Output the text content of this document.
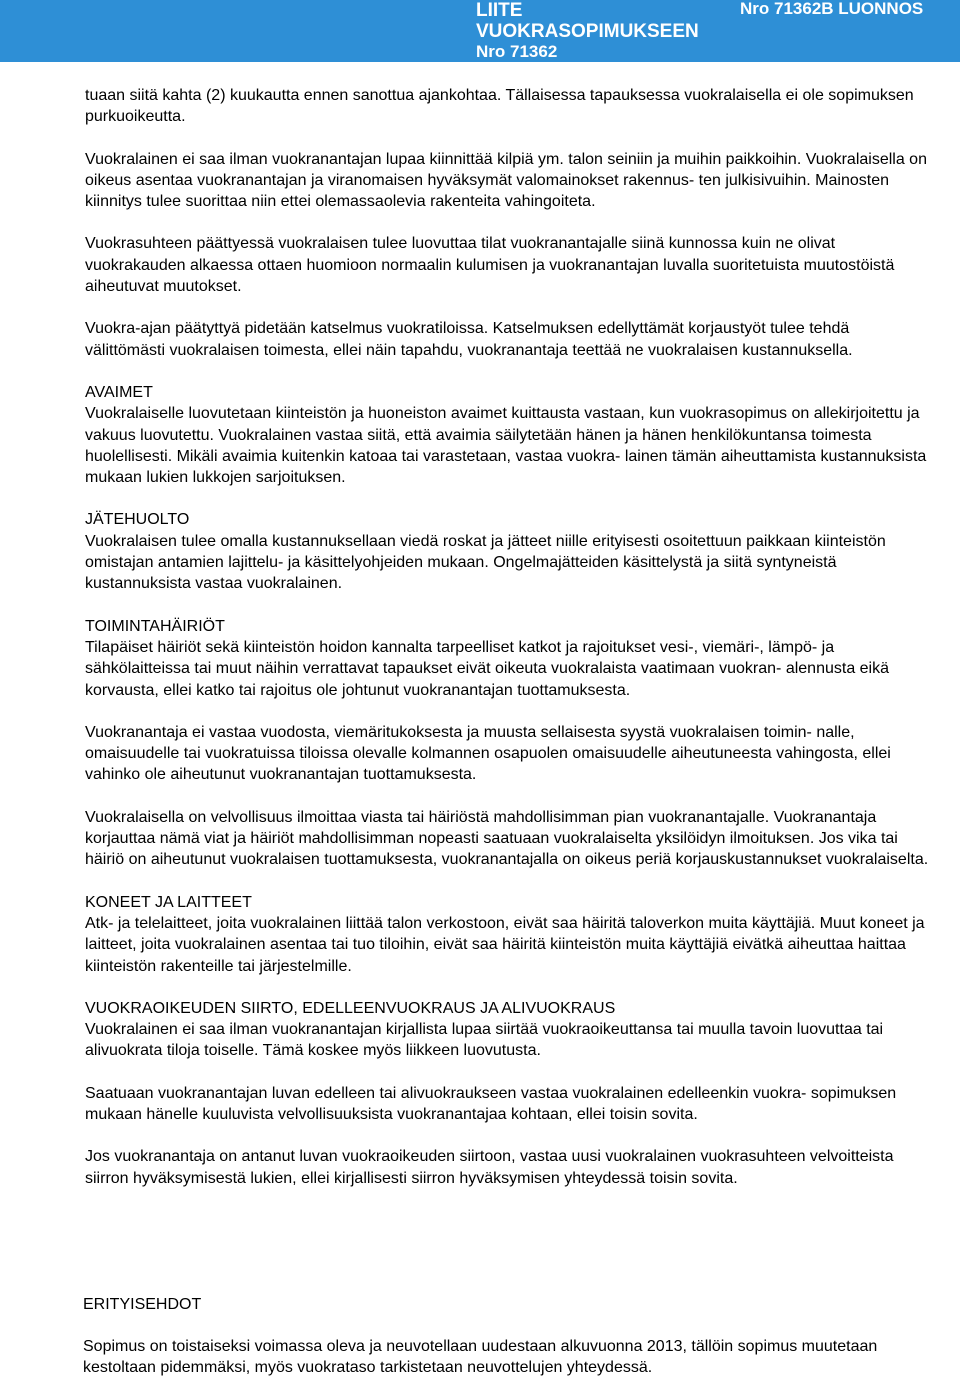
LIITE
VUOKRASOPIMUKSEEN
Nro 71362
Nro 71362B LUONNOS

tuaan siitä kahta (2) kuukautta ennen sanottua ajankohtaa. Tällaisessa tapauksessa vuokralaisella ei ole sopimuksen purkuoikeutta.

Vuokralainen ei saa ilman vuokranantajan lupaa kiinnittää kilpiä ym. talon seiniin ja muihin paikkoihin. Vuokralaisella on oikeus asentaa vuokranantajan ja viranomaisen hyväksymät valomainokset rakennus- ten julkisivuihin. Mainosten kiinnitys tulee suorittaa niin ettei olemassaolevia rakenteita vahingoiteta.

Vuokrasuhteen päättyessä vuokralaisen tulee luovuttaa tilat vuokranantajalle siinä kunnossa kuin ne olivat vuokrakauden alkaessa ottaen huomioon normaalin kulumisen ja vuokranantajan luvalla suoritetuista muutostöistä aiheutuvat muutokset.

Vuokra-ajan päätyttyä pidetään katselmus vuokratiloissa. Katselmuksen edellyttämät korjaustyöt tulee tehdä välittömästi vuokralaisen toimesta, ellei näin tapahdu, vuokranantaja teettää ne vuokralaisen kustannuksella.

AVAIMET

Vuokralaiselle luovutetaan kiinteistön ja huoneiston avaimet kuittausta vastaan, kun vuokrasopimus on allekirjoitettu ja vakuus luovutettu. Vuokralainen vastaa siitä, että avaimia säilytetään hänen ja hänen henkilökuntansa toimesta huolellisesti. Mikäli avaimia kuitenkin katoaa tai varastetaan, vastaa vuokra- lainen tämän aiheuttamista kustannuksista mukaan lukien lukkojen sarjoituksen.

JÄTEHUOLTO

Vuokralaisen tulee omalla kustannuksellaan viedä roskat ja jätteet niille erityisesti osoitettuun paikkaan kiinteistön omistajan antamien lajittelu- ja käsittelyohjeiden mukaan. Ongelmajätteiden käsittelystä ja siitä syntyneistä kustannuksista vastaa vuokralainen.

TOIMINTAHÄIRIÖT

Tilapäiset häiriöt sekä kiinteistön hoidon kannalta tarpeelliset katkot ja rajoitukset vesi-, viemäri-, lämpö- ja sähkölaitteissa tai muut näihin verrattavat tapaukset eivät oikeuta vuokralaista vaatimaan vuokran- alennusta eikä korvausta, ellei katko tai rajoitus ole johtunut vuokranantajan tuottamuksesta.

Vuokranantaja ei vastaa vuodosta, viemäritukoksesta ja muusta sellaisesta syystä vuokralaisen toimin- nalle, omaisuudelle tai vuokratuissa tiloissa olevalle kolmannen osapuolen omaisuudelle aiheutuneesta vahingosta, ellei vahinko ole aiheutunut vuokranantajan tuottamuksesta.

Vuokralaisella on velvollisuus ilmoittaa viasta tai häiriöstä mahdollisimman pian vuokranantajalle. Vuokranantaja korjauttaa nämä viat ja häiriöt mahdollisimman nopeasti saatuaan vuokralaiselta yksilöidyn ilmoituksen. Jos vika tai häiriö on aiheutunut vuokralaisen tuottamuksesta, vuokranantajalla on oikeus periä korjauskustannukset vuokralaiselta.

KONEET JA LAITTEET

Atk- ja telelaitteet, joita vuokralainen liittää talon verkostoon, eivät saa häiritä taloverkon muita käyttäjiä. Muut koneet ja laitteet, joita vuokralainen asentaa tai tuo tiloihin, eivät saa häiritä kiinteistön muita käyttäjiä eivätkä aiheuttaa haittaa kiinteistön rakenteille tai järjestelmille.

VUOKRAOIKEUDEN SIIRTO, EDELLEENVUOKRAUS JA ALIVUOKRAUS

Vuokralainen ei saa ilman vuokranantajan kirjallista lupaa siirtää vuokraoikeuttansa tai muulla tavoin luovuttaa tai alivuokrata tiloja toiselle. Tämä koskee myös liikkeen luovutusta.

Saatuaan vuokranantajan luvan edelleen tai alivuokraukseen vastaa vuokralainen edelleenkin vuokra- sopimuksen mukaan hänelle kuuluvista velvollisuuksista vuokranantajaa kohtaan, ellei toisin sovita.

Jos vuokranantaja on antanut luvan vuokraoikeuden siirtoon, vastaa uusi vuokralainen vuokrasuhteen velvoitteista siirron hyväksymisestä lukien, ellei kirjallisesti siirron hyväksymisen yhteydessä toisin sovita.

ERITYISEHDOT

Sopimus on toistaiseksi voimassa oleva ja neuvotellaan uudestaan alkuvuonna 2013, tällöin sopimus muutetaan kestoltaan pidemmäksi, myös vuokrataso tarkistetaan neuvottelujen yhteydessä.
